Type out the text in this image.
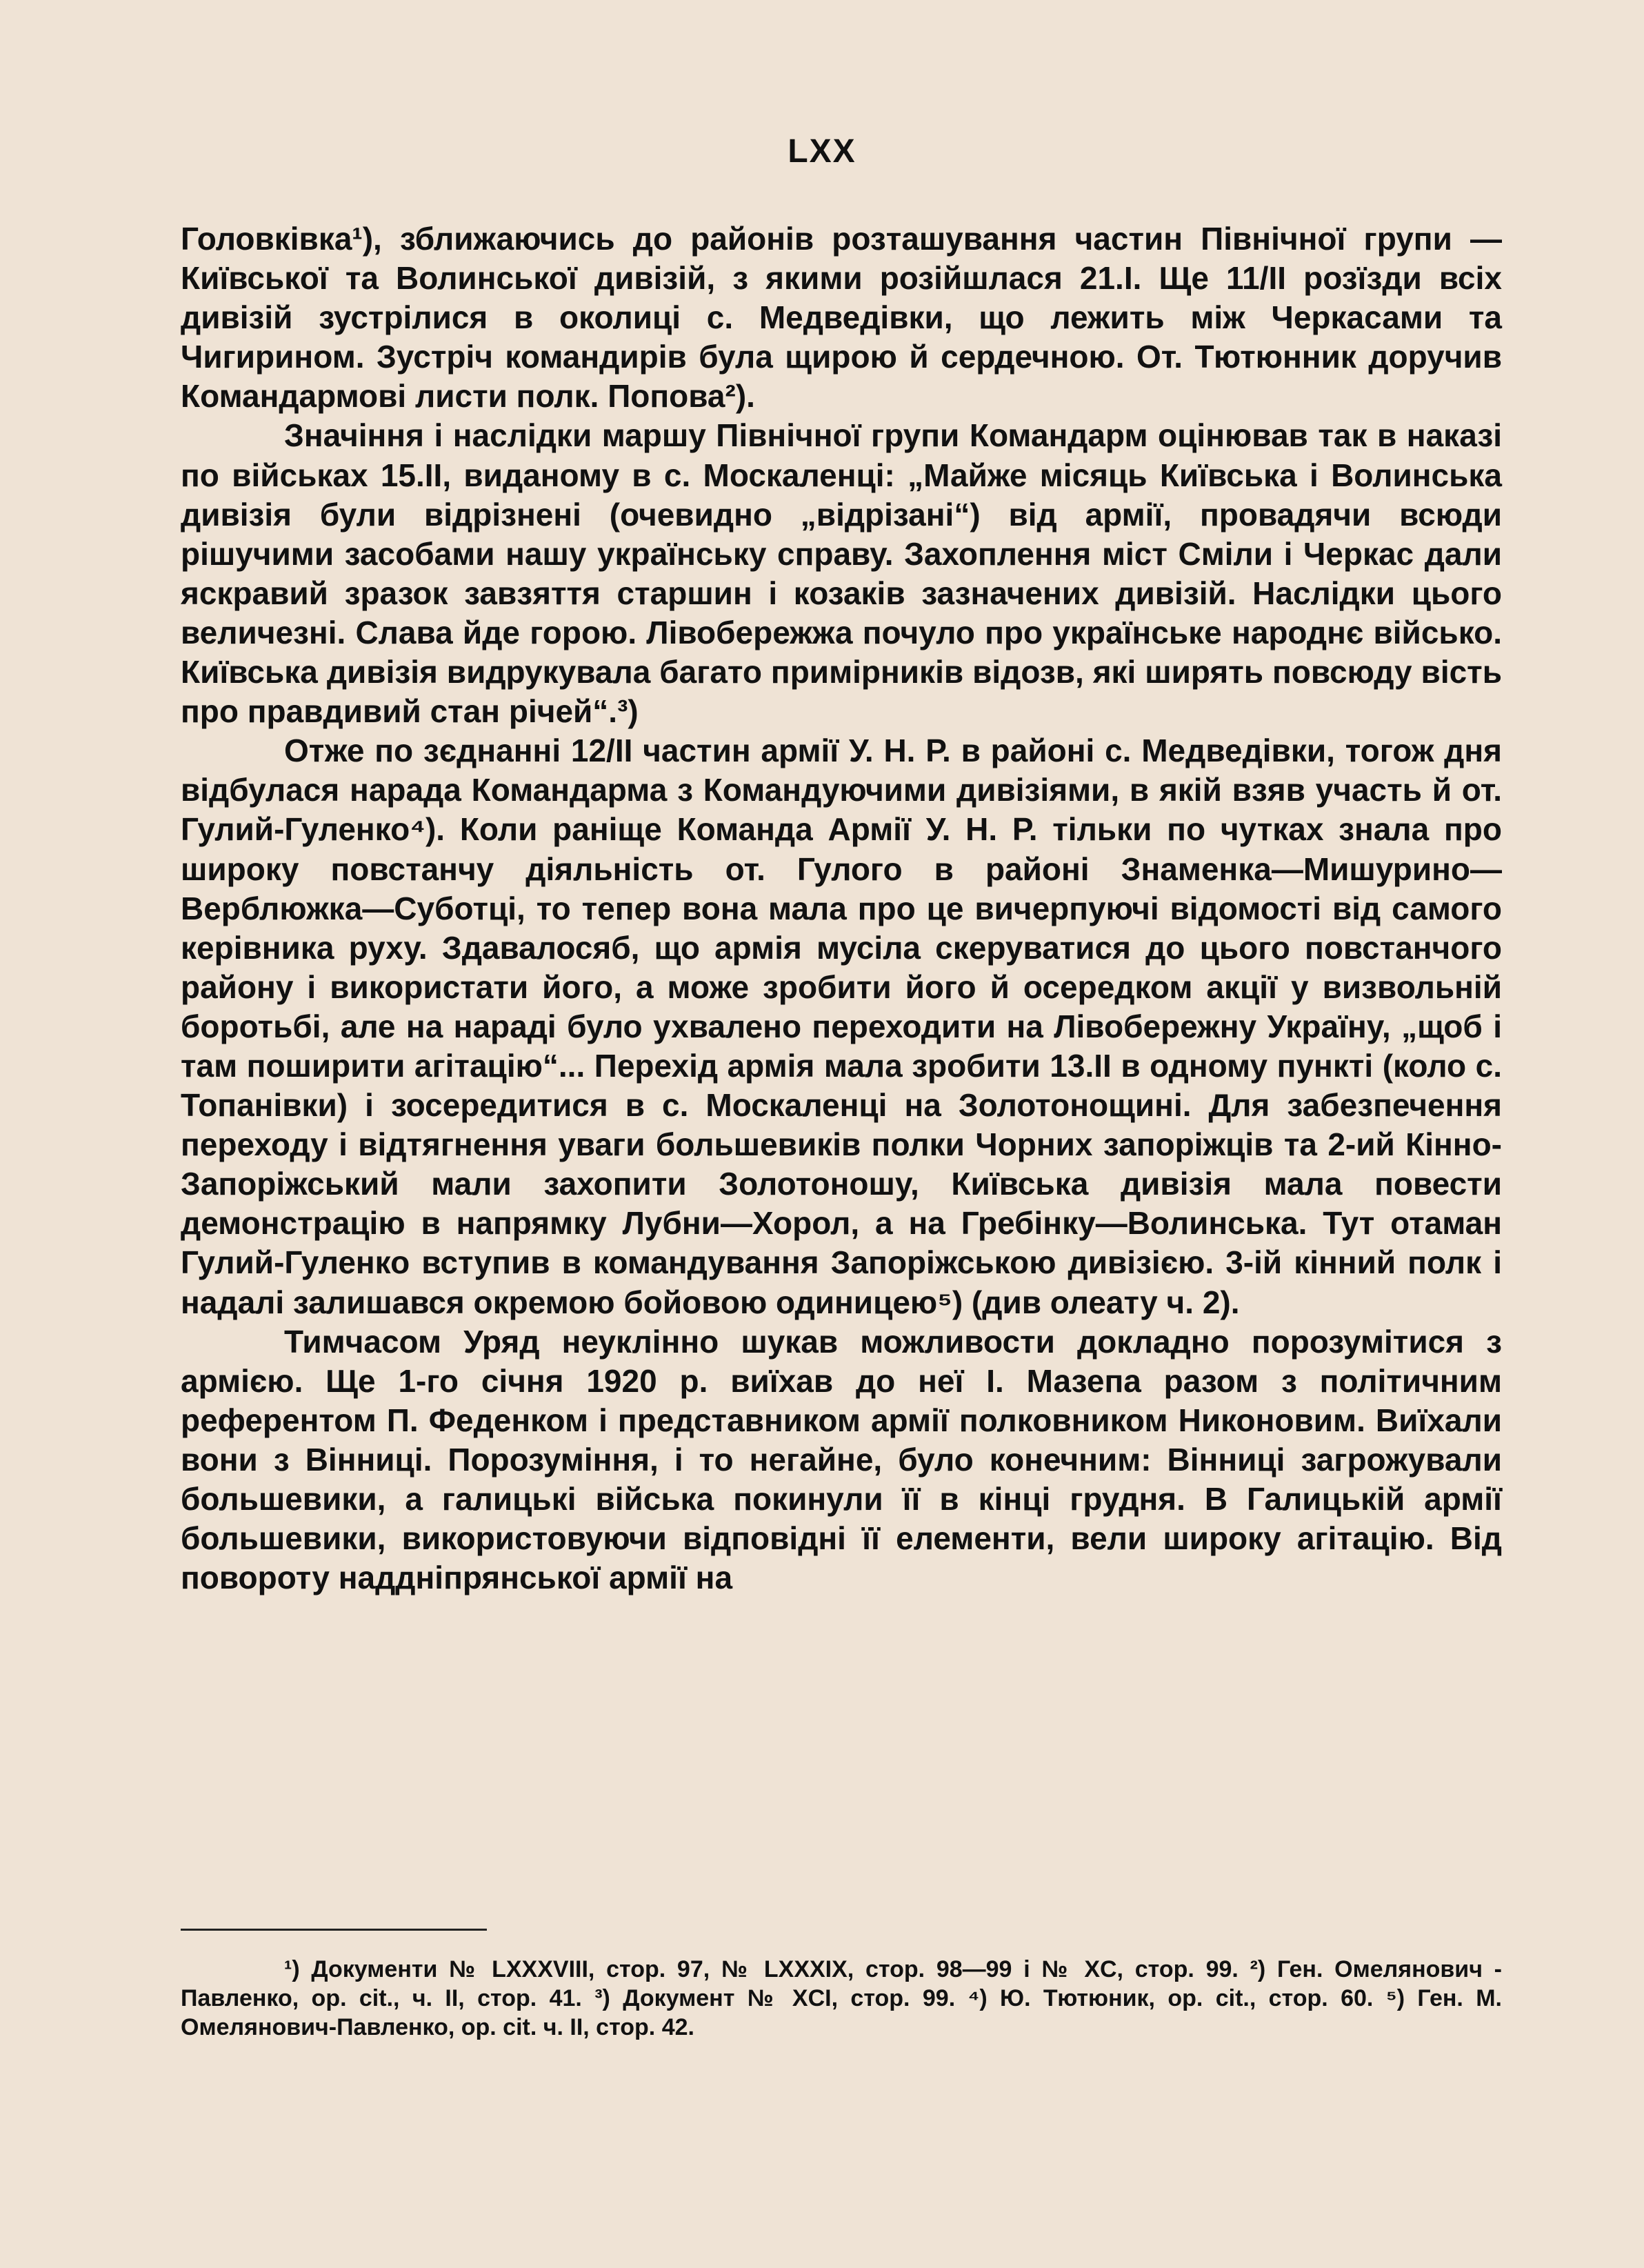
LXX

Головківка¹), зближаючись до районів розташування частин Північної групи — Київської та Волинської дивізій, з якими розійшлася 21.I. Ще 11/II розїзди всіх дивізій зустрілися в околиці с. Медведівки, що лежить між Черкасами та Чигирином. Зустріч командирів була щирою й сердечною. От. Тютюнник доручив Командармові листи полк. Попова²).

Значіння і наслідки маршу Північної групи Командарм оцінював так в наказі по військах 15.II, виданому в с. Москаленці: „Майже місяць Київська і Волинська дивізія були відрізнені (очевидно „відрізані“) від армії, провадячи всюди рішучими засобами нашу українську справу. Захоплення міст Сміли і Черкас дали яскравий зразок завзяття старшин і козаків зазначених дивізій. Наслідки цього величезні. Слава йде горою. Лівобережжа почуло про українське народнє військо. Київська дивізія видрукувала багато примірників відозв, які ширять повсюду вість про правдивий стан річей“.³)

Отже по зєднанні 12/II частин армії У. Н. Р. в районі с. Медведівки, тогож дня відбулася нарада Командарма з Командуючими дивізіями, в якій взяв участь й от. Гулий-Гуленко⁴). Коли раніще Команда Армії У. Н. Р. тільки по чутках знала про широку повстанчу діяльність от. Гулого в районі Знаменка—Мишурино—Верблюжка—Суботці, то тепер вона мала про це вичерпуючі відомості від самого керівника руху. Здавалосяб, що армія мусіла скеруватися до цього повстанчого району і використати його, а може зробити його й осередком акції у визвольній боротьбі, але на нараді було ухвалено переходити на Лівобережну Україну, „щоб і там поширити агітацію“... Перехід армія мала зробити 13.II в одному пункті (коло с. Топанівки) і зосередитися в с. Москаленці на Золотонощині. Для забезпечення переходу і відтягнення уваги большевиків полки Чорних запоріжців та 2-ий Кінно-Запоріжський мали захопити Золотоношу, Київська дивізія мала повести демонстрацію в напрямку Лубни—Хорол, а на Гребінку—Волинська. Тут отаман Гулий-Гуленко вступив в командування Запоріжською дивізією. 3-ій кінний полк і надалі залишався окремою бойовою одиницею⁵) (див олеату ч. 2).

Тимчасом Уряд неуклінно шукав можливости докладно порозумітися з армією. Ще 1-го січня 1920 р. виїхав до неї І. Мазепа разом з політичним референтом П. Феденком і представником армії полковником Никоновим. Виїхали вони з Вінниці. Порозуміння, і то негайне, було конечним: Вінниці загрожували большевики, а галицькі війська покинули її в кінці грудня. В Галицькій армії большевики, використовуючи відповідні її елементи, вели широку агітацію. Від повороту наддніпрянської армії на

¹) Документи № LXXXVIII, стор. 97, № LXXXIX, стор. 98—99 і № XC, стор. 99. ²) Ген. Омелянович - Павленко, ор. cit., ч. II, стор. 41. ³) Документ № XCI, стор. 99. ⁴) Ю. Тютюник, ор. cit., стор. 60. ⁵) Ген. М. Омелянович-Павленко, ор. cit. ч. II, стор. 42.
